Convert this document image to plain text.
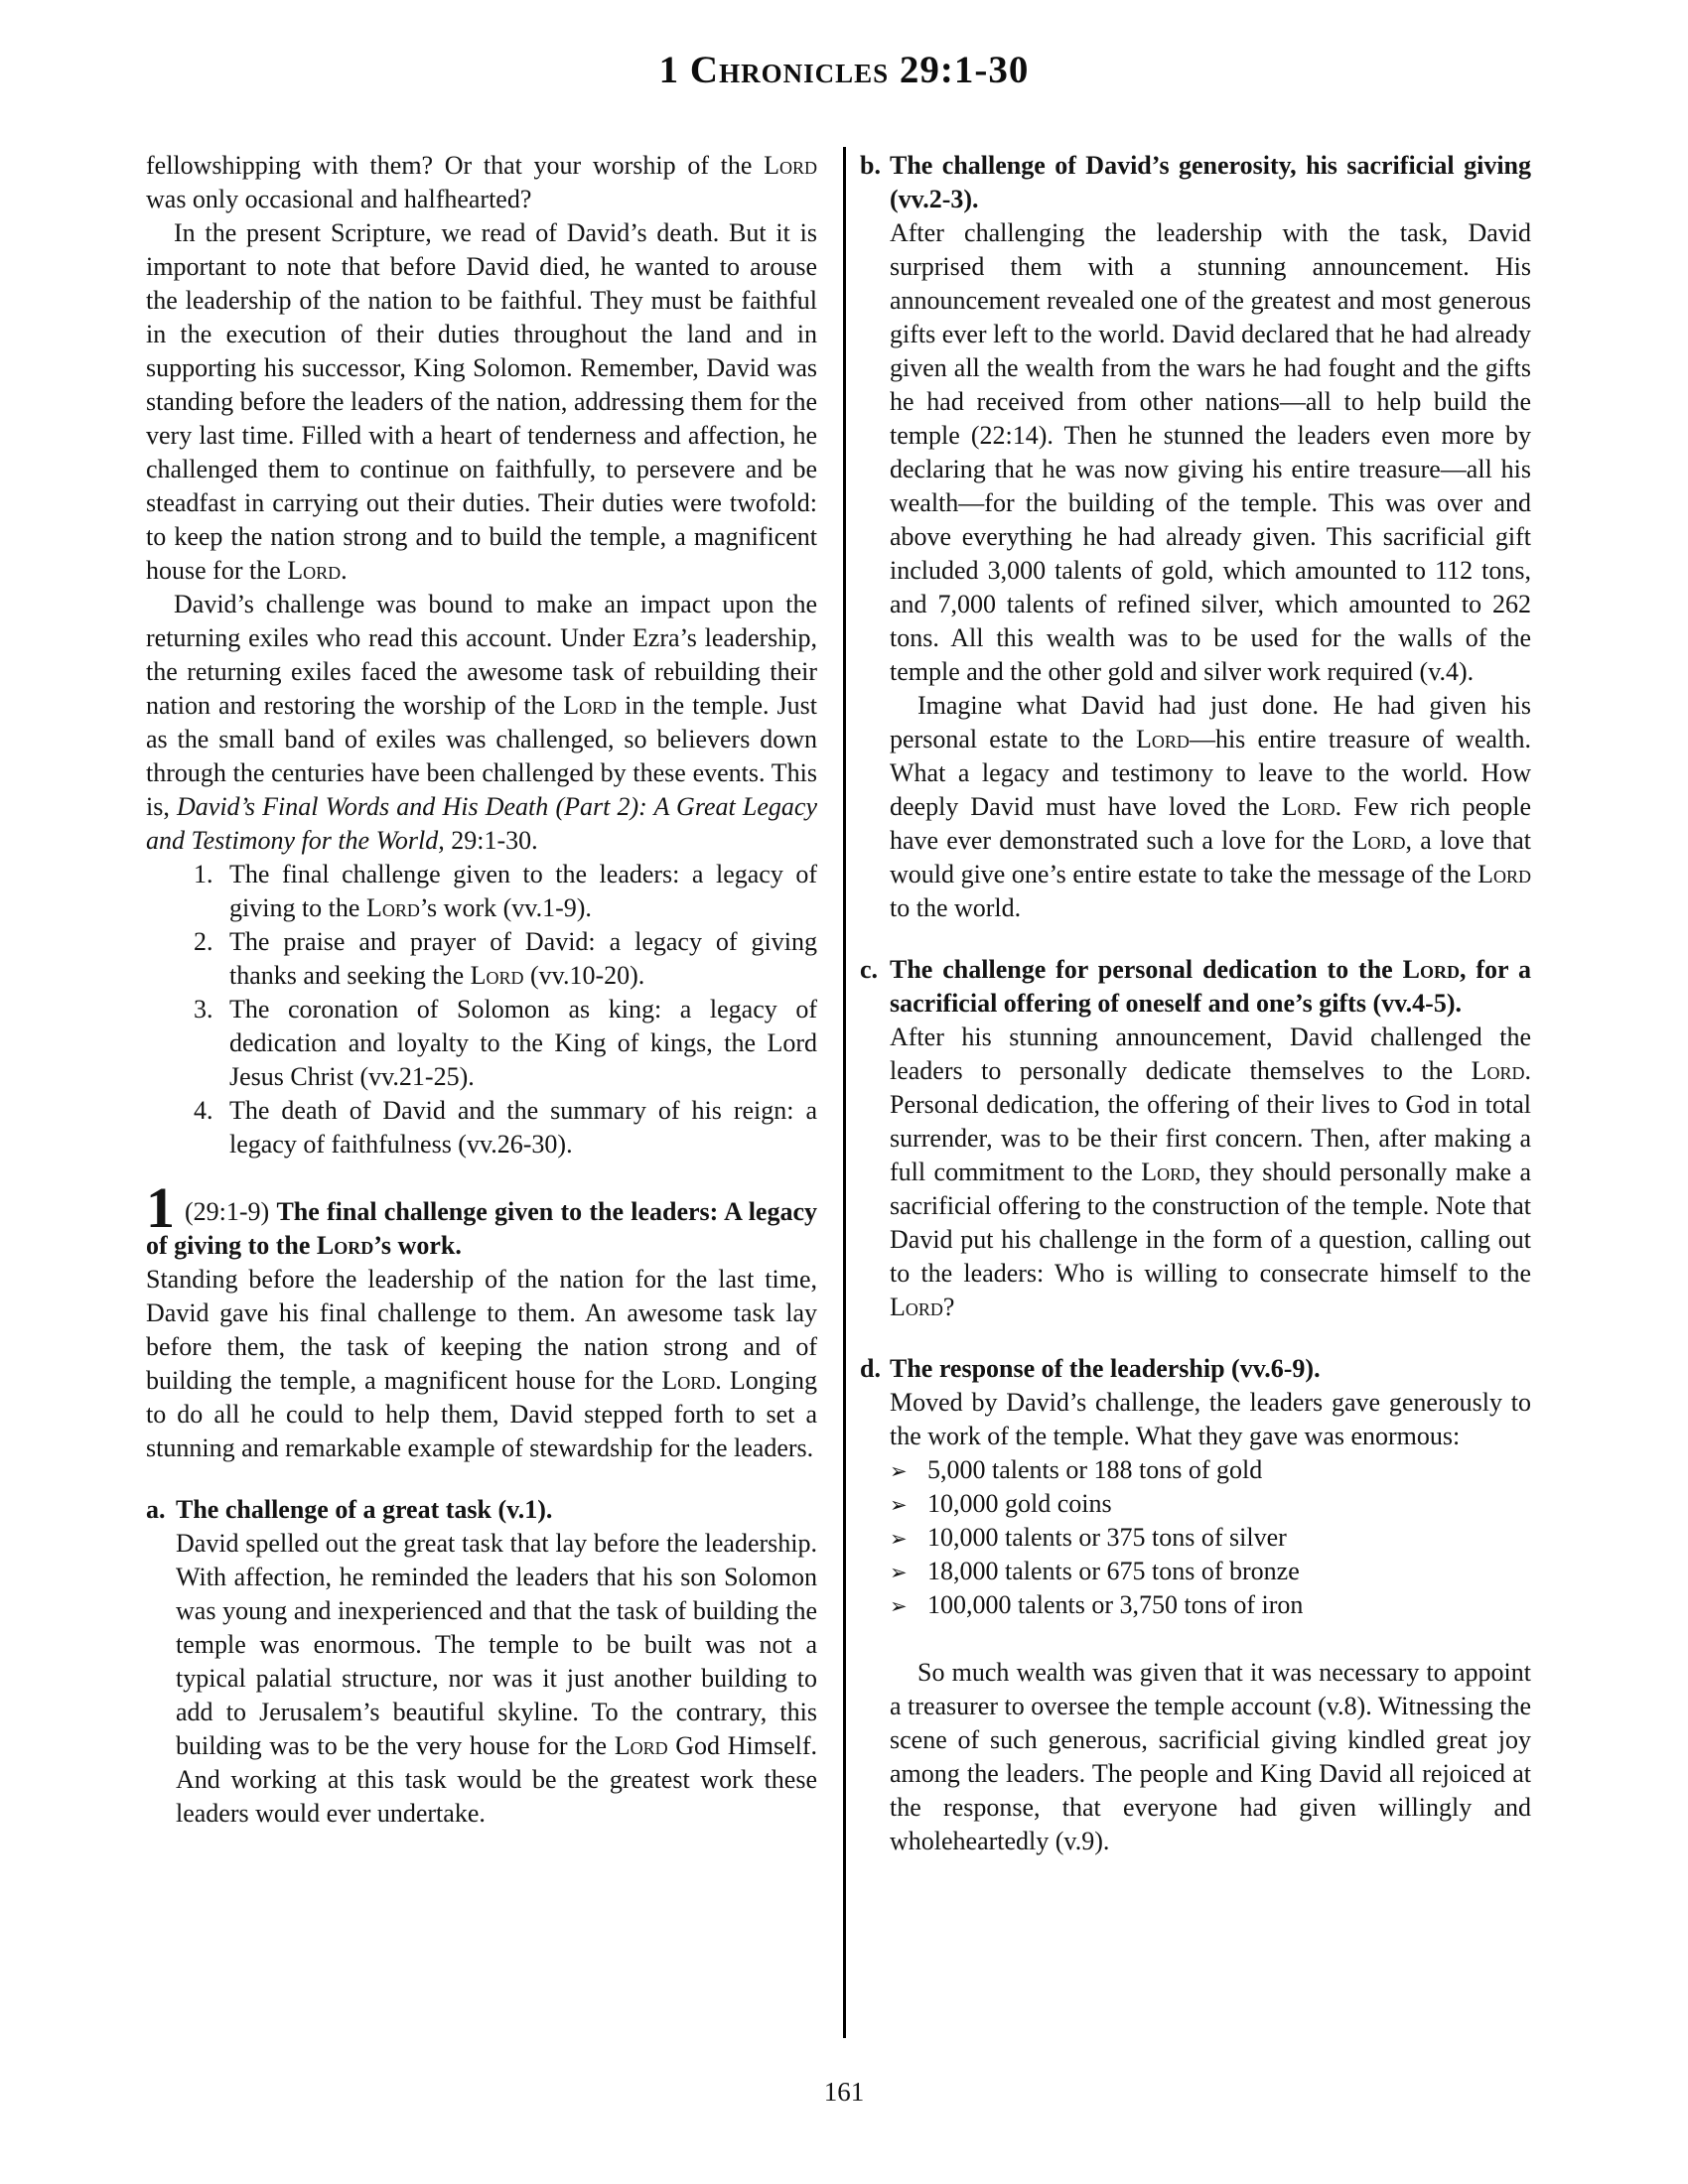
1 Chronicles 29:1-30
fellowshipping with them? Or that your worship of the Lord was only occasional and halfhearted?
In the present Scripture, we read of David’s death. But it is important to note that before David died, he wanted to arouse the leadership of the nation to be faithful. They must be faithful in the execution of their duties throughout the land and in supporting his successor, King Solomon. Remember, David was standing before the leaders of the nation, addressing them for the very last time. Filled with a heart of tenderness and affection, he challenged them to continue on faithfully, to persevere and be steadfast in carrying out their duties. Their duties were twofold: to keep the nation strong and to build the temple, a magnificent house for the Lord.
David’s challenge was bound to make an impact upon the returning exiles who read this account. Under Ezra’s leadership, the returning exiles faced the awesome task of rebuilding their nation and restoring the worship of the Lord in the temple. Just as the small band of exiles was challenged, so believers down through the centuries have been challenged by these events. This is, David’s Final Words and His Death (Part 2): A Great Legacy and Testimony for the World, 29:1-30.
1. The final challenge given to the leaders: a legacy of giving to the Lord’s work (vv.1-9).
2. The praise and prayer of David: a legacy of giving thanks and seeking the Lord (vv.10-20).
3. The coronation of Solomon as king: a legacy of dedication and loyalty to the King of kings, the Lord Jesus Christ (vv.21-25).
4. The death of David and the summary of his reign: a legacy of faithfulness (vv.26-30).
1 (29:1-9) The final challenge given to the leaders: A legacy of giving to the Lord’s work.
Standing before the leadership of the nation for the last time, David gave his final challenge to them. An awesome task lay before them, the task of keeping the nation strong and of building the temple, a magnificent house for the Lord. Longing to do all he could to help them, David stepped forth to set a stunning and remarkable example of stewardship for the leaders.
a. The challenge of a great task (v.1).
David spelled out the great task that lay before the leadership. With affection, he reminded the leaders that his son Solomon was young and inexperienced and that the task of building the temple was enormous. The temple to be built was not a typical palatial structure, nor was it just another building to add to Jerusalem’s beautiful skyline. To the contrary, this building was to be the very house for the Lord God Himself. And working at this task would be the greatest work these leaders would ever undertake.
b. The challenge of David’s generosity, his sacrificial giving (vv.2-3).
After challenging the leadership with the task, David surprised them with a stunning announcement. His announcement revealed one of the greatest and most generous gifts ever left to the world. David declared that he had already given all the wealth from the wars he had fought and the gifts he had received from other nations—all to help build the temple (22:14). Then he stunned the leaders even more by declaring that he was now giving his entire treasure—all his wealth—for the building of the temple. This was over and above everything he had already given. This sacrificial gift included 3,000 talents of gold, which amounted to 112 tons, and 7,000 talents of refined silver, which amounted to 262 tons. All this wealth was to be used for the walls of the temple and the other gold and silver work required (v.4).
Imagine what David had just done. He had given his personal estate to the Lord—his entire treasure of wealth. What a legacy and testimony to leave to the world. How deeply David must have loved the Lord. Few rich people have ever demonstrated such a love for the Lord, a love that would give one’s entire estate to take the message of the Lord to the world.
c. The challenge for personal dedication to the Lord, for a sacrificial offering of oneself and one’s gifts (vv.4-5).
After his stunning announcement, David challenged the leaders to personally dedicate themselves to the Lord. Personal dedication, the offering of their lives to God in total surrender, was to be their first concern. Then, after making a full commitment to the Lord, they should personally make a sacrificial offering to the construction of the temple. Note that David put his challenge in the form of a question, calling out to the leaders: Who is willing to consecrate himself to the Lord?
d. The response of the leadership (vv.6-9).
Moved by David’s challenge, the leaders gave generously to the work of the temple. What they gave was enormous:
➢ 5,000 talents or 188 tons of gold
➢ 10,000 gold coins
➢ 10,000 talents or 375 tons of silver
➢ 18,000 talents or 675 tons of bronze
➢ 100,000 talents or 3,750 tons of iron
So much wealth was given that it was necessary to appoint a treasurer to oversee the temple account (v.8). Witnessing the scene of such generous, sacrificial giving kindled great joy among the leaders. The people and King David all rejoiced at the response, that everyone had given willingly and wholeheartedly (v.9).
161
